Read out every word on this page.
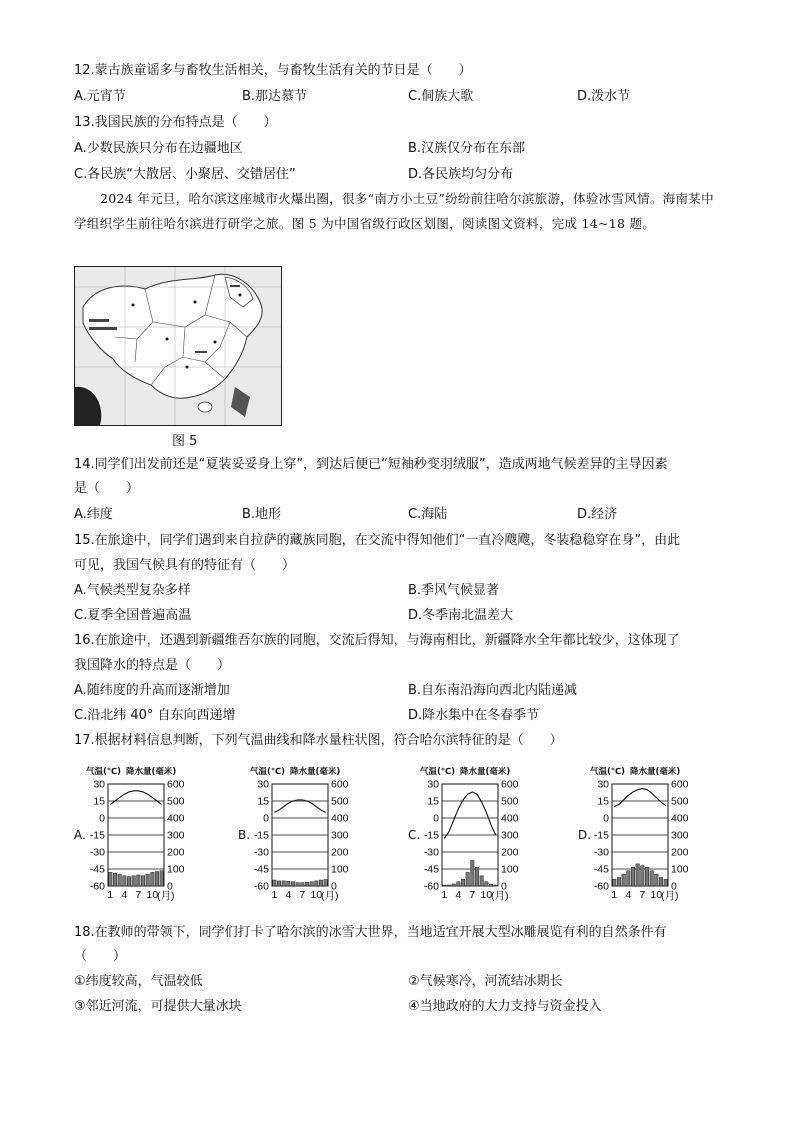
12.蒙古族童谣多与畜牧生活相关，与畜牧生活有关的节日是（　　）
A.元宵节	B.那达慕节	C.侗族大歌	D.泼水节
13.我国民族的分布特点是（　　）
A.少数民族只分布在边疆地区	B.汉族仅分布在东部
C.各民族“大散居、小聚居、交错居住”	D.各民族均匀分布
2024 年元旦，哈尔滨这座城市火爆出圈，很多“南方小土豆”纷纷前往哈尔滨旅游，体验冰雪风情。海南某中学组织学生前往哈尔滨进行研学之旅。图 5 为中国省级行政区划图，阅读图文资料，完成 14~18 题。
图 5
14.同学们出发前还是“夏装妥妥身上穿”，到达后便已“短袖秒变羽绒服”，造成两地气候差异的主导因素
是（　　）
A.纬度	B.地形	C.海陆	D.经济
15.在旅途中，同学们遇到来自拉萨的藏族同胞，在交流中得知他们“一直冷飕飕，冬装稳稳穿在身”，由此
可见，我国气候具有的特征有（　　）
A.气候类型复杂多样	B.季风气候显著
C.夏季全国普遍高温	D.冬季南北温差大
16.在旅途中，还遇到新疆维吾尔族的同胞，交流后得知，与海南相比，新疆降水全年都比较少，这体现了
我国降水的特点是（　　）
A.随纬度的升高而逐渐增加	B.自东南沿海向西北内陆递减
C.沿北纬 40° 自东向西递增	D.降水集中在冬春季节
17.根据材料信息判断，下列气温曲线和降水量柱状图，符合哈尔滨特征的是（　　）
A.
气温(℃) 降水量(毫米)
30	600
15	500
0	400
-15	300
-30	200
-45	100
-60	0
1 4 7 10
(月)
B.
气温(℃) 降水量(毫米)
30	600
15	500
0	400
-15	300
-30	200
-45	100
-60	0
1 4 7 10
(月)
C.
气温(℃) 降水量(毫米)
30	600
15	500
0	400
-15	300
-30	200
-45	100
-60	0
1 4 7 10
(月)
D.
气温(℃) 降水量(毫米)
30	600
15	500
0	400
-15	300
-30	200
-45	100
-60	0
1 4 7 10
(月)
18.在教师的带领下，同学们打卡了哈尔滨的冰雪大世界，当地适宜开展大型冰雕展览有利的自然条件有
（　　）
①纬度较高，气温较低	②气候寒冷，河流结冰期长
③邻近河流，可提供大量冰块	④当地政府的大力支持与资金投入
